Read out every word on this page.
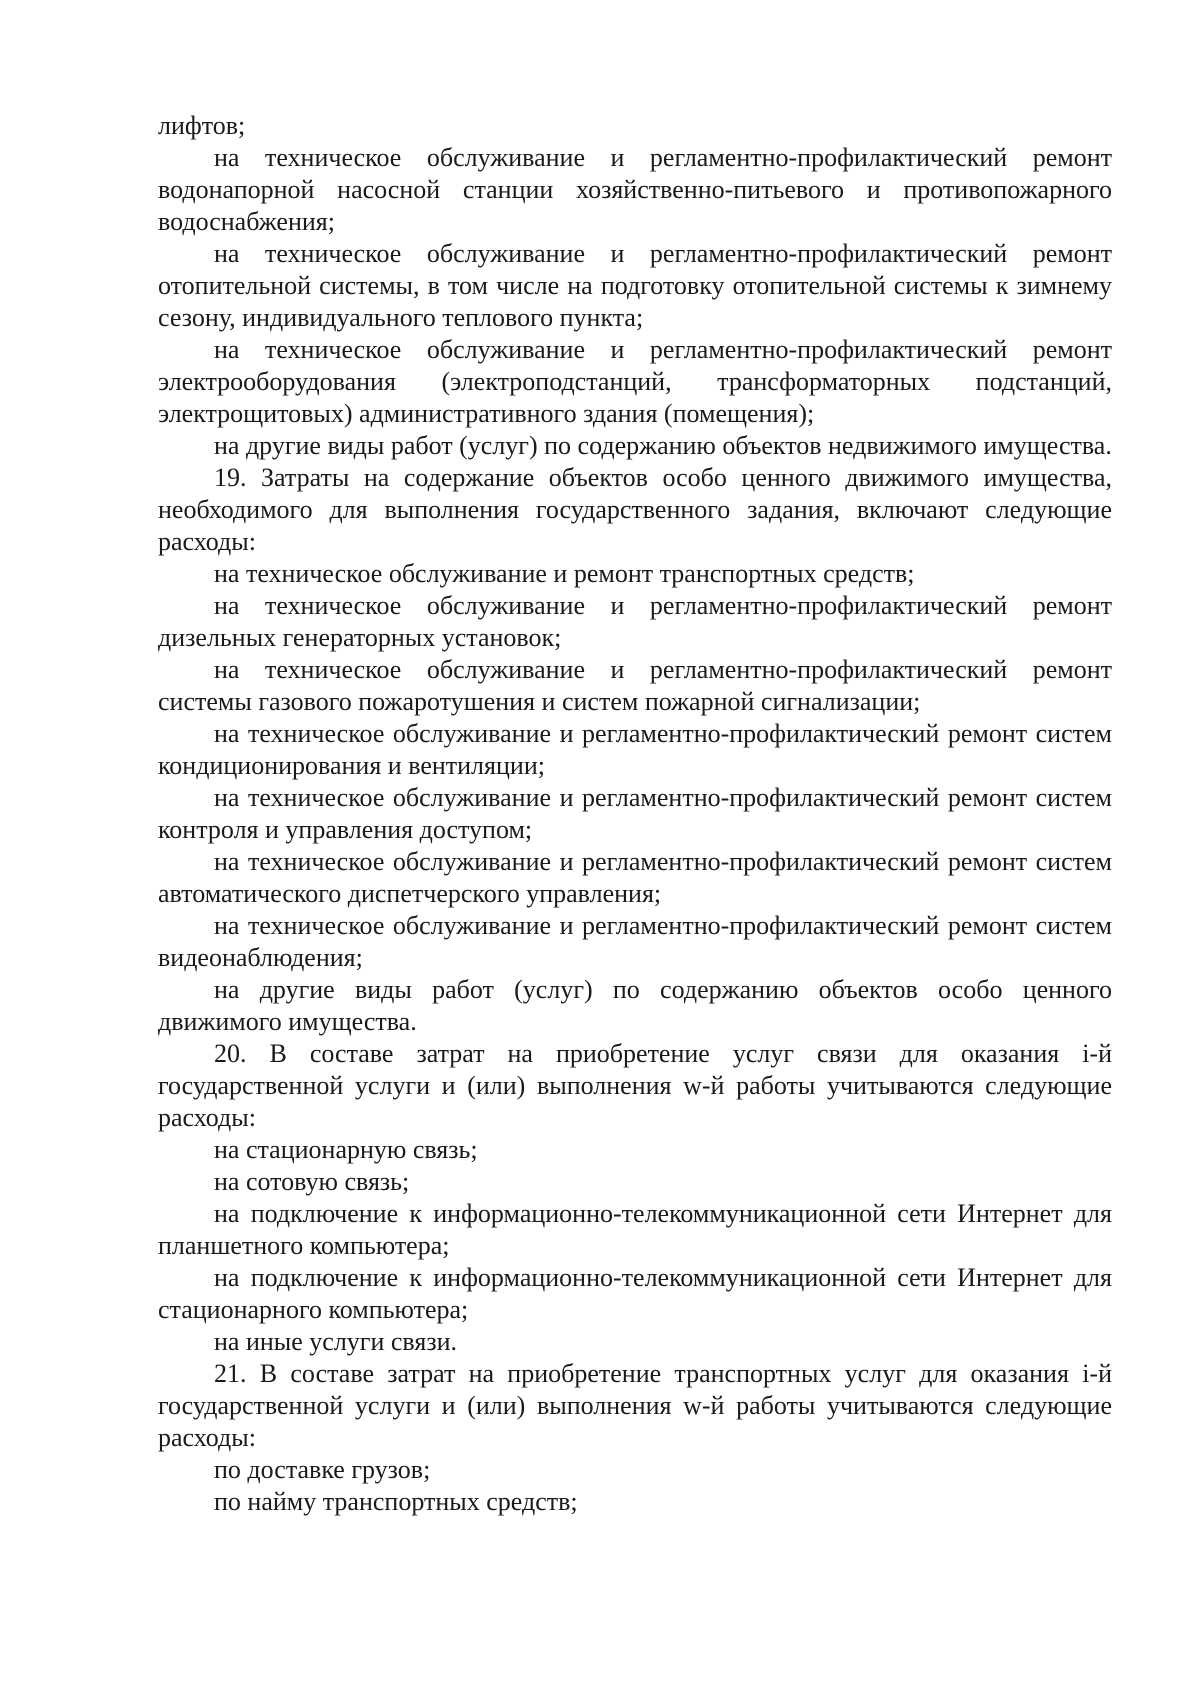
лифтов;

на техническое обслуживание и регламентно-профилактический ремонт водонапорной насосной станции хозяйственно-питьевого и противопожарного водоснабжения;

на техническое обслуживание и регламентно-профилактический ремонт отопительной системы, в том числе на подготовку отопительной системы к зимнему сезону, индивидуального теплового пункта;

на техническое обслуживание и регламентно-профилактический ремонт электрооборудования (электроподстанций, трансформаторных подстанций, электрощитовых) административного здания (помещения);

на другие виды работ (услуг) по содержанию объектов недвижимого имущества.

19. Затраты на содержание объектов особо ценного движимого имущества, необходимого для выполнения государственного задания, включают следующие расходы:

на техническое обслуживание и ремонт транспортных средств;

на техническое обслуживание и регламентно-профилактический ремонт дизельных генераторных установок;

на техническое обслуживание и регламентно-профилактический ремонт системы газового пожаротушения и систем пожарной сигнализации;

на техническое обслуживание и регламентно-профилактический ремонт систем кондиционирования и вентиляции;

на техническое обслуживание и регламентно-профилактический ремонт систем контроля и управления доступом;

на техническое обслуживание и регламентно-профилактический ремонт систем автоматического диспетчерского управления;

на техническое обслуживание и регламентно-профилактический ремонт систем видеонаблюдения;

на другие виды работ (услуг) по содержанию объектов особо ценного движимого имущества.

20. В составе затрат на приобретение услуг связи для оказания i-й государственной услуги и (или) выполнения w-й работы учитываются следующие расходы:

на стационарную связь;

на сотовую связь;

на подключение к информационно-телекоммуникационной сети Интернет для планшетного компьютера;

на подключение к информационно-телекоммуникационной сети Интернет для стационарного компьютера;

на иные услуги связи.

21. В составе затрат на приобретение транспортных услуг для оказания i-й государственной услуги и (или) выполнения w-й работы учитываются следующие расходы:

по доставке грузов;

по найму транспортных средств;
